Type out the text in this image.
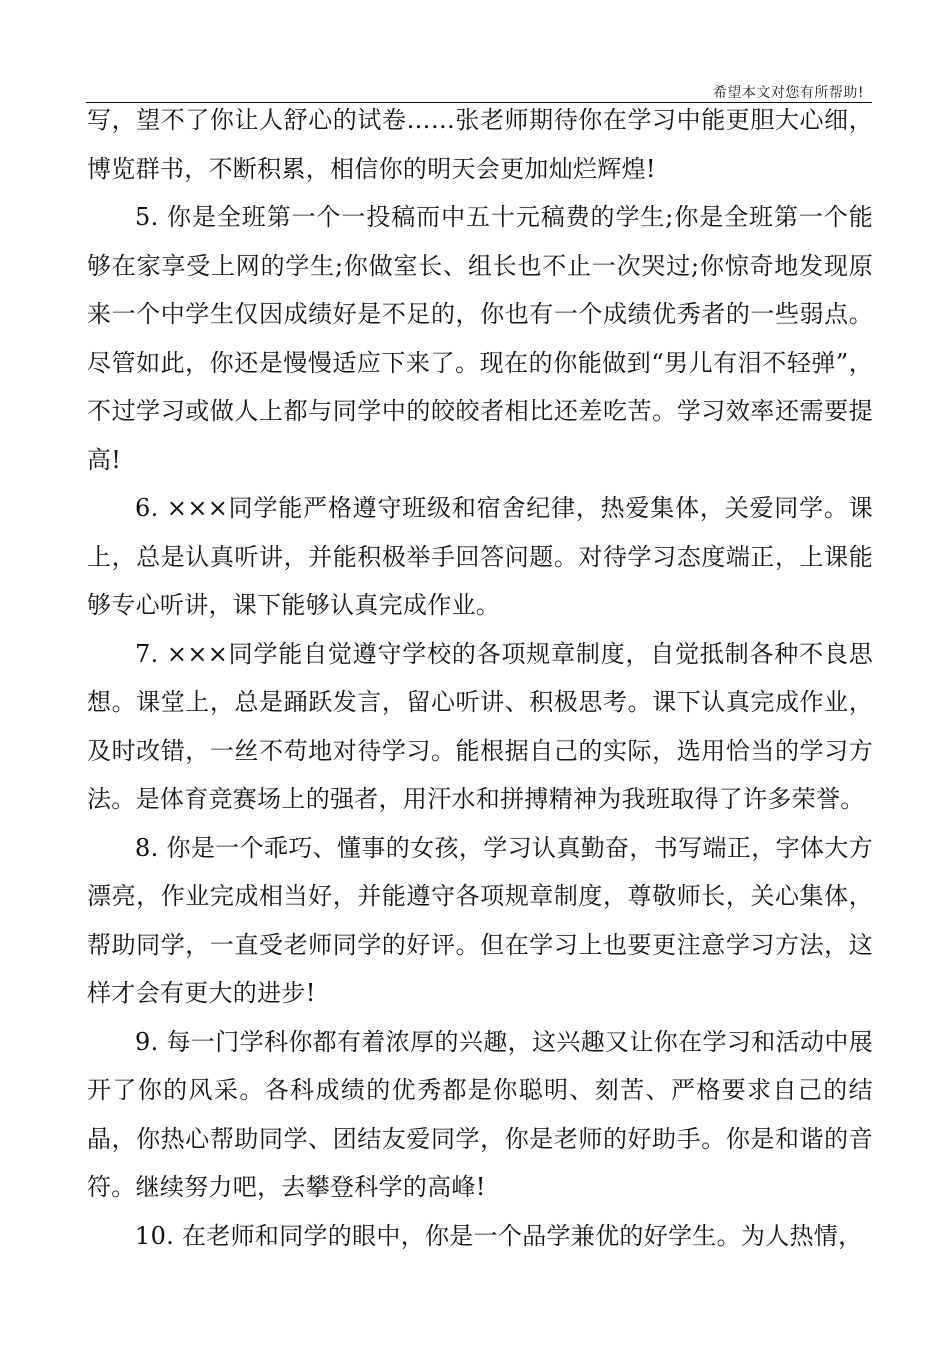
希望本文对您有所帮助!

写，望不了你让人舒心的试卷……张老师期待你在学习中能更胆大心细，博览群书，不断积累，相信你的明天会更加灿烂辉煌!

5. 你是全班第一个一投稿而中五十元稿费的学生;你是全班第一个能够在家享受上网的学生;你做室长、组长也不止一次哭过;你惊奇地发现原来一个中学生仅因成绩好是不足的，你也有一个成绩优秀者的一些弱点。尽管如此，你还是慢慢适应下来了。现在的你能做到“男儿有泪不轻弹”，不过学习或做人上都与同学中的皎皎者相比还差吃苦。学习效率还需要提高!

6. ×××同学能严格遵守班级和宿舍纪律，热爱集体，关爱同学。课上，总是认真听讲，并能积极举手回答问题。对待学习态度端正，上课能够专心听讲，课下能够认真完成作业。

7. ×××同学能自觉遵守学校的各项规章制度，自觉抵制各种不良思想。课堂上，总是踊跃发言，留心听讲、积极思考。课下认真完成作业，及时改错，一丝不苟地对待学习。能根据自己的实际，选用恰当的学习方法。是体育竞赛场上的强者，用汗水和拼搏精神为我班取得了许多荣誉。

8. 你是一个乖巧、懂事的女孩，学习认真勤奋，书写端正，字体大方漂亮，作业完成相当好，并能遵守各项规章制度，尊敬师长，关心集体，帮助同学，一直受老师同学的好评。但在学习上也要更注意学习方法，这样才会有更大的进步!

9. 每一门学科你都有着浓厚的兴趣，这兴趣又让你在学习和活动中展开了你的风采。各科成绩的优秀都是你聪明、刻苦、严格要求自己的结晶，你热心帮助同学、团结友爱同学，你是老师的好助手。你是和谐的音符。继续努力吧，去攀登科学的高峰!

10. 在老师和同学的眼中，你是一个品学兼优的好学生。为人热情，
